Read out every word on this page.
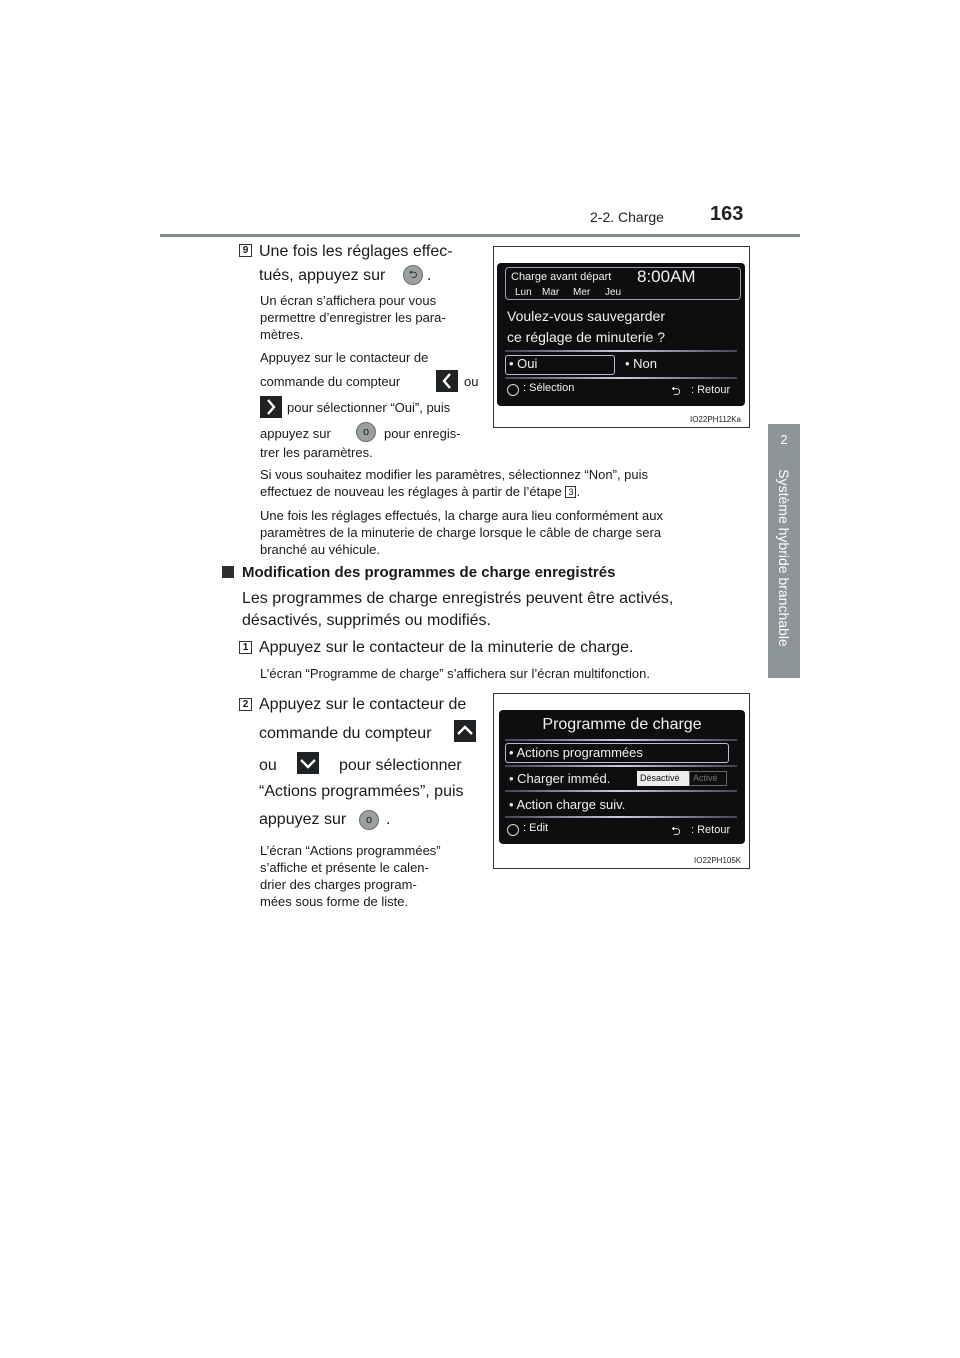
2-2. Charge 163
2
Système hybride branchable
9 Une fois les réglages effec-
tués, appuyez sur	⮌ .
Un écran s’affichera pour vous
permettre d’enregistrer les para-
mètres.
Appuyez sur le contacteur de
commande du compteur	ou
pour sélectionner “Oui”, puis
appuyez sur	o	pour enregis-
trer les paramètres.
Si vous souhaitez modifier les paramètres, sélectionnez “Non”, puis
effectuez de nouveau les réglages à partir de l’étape 3 .
Une fois les réglages effectués, la charge aura lieu conformément aux
paramètres de la minuterie de charge lorsque le câble de charge sera
branché au véhicule.
Charge avant départ 8:00AM
Lun Mar Mer Jeu
Voulez-vous sauvegarder
ce réglage de minuterie ?
• Oui	• Non
: Sélection	⮌ : Retour
IO22PH112Ka
Modification des programmes de charge enregistrés
Les programmes de charge enregistrés peuvent être activés,
désactivés, supprimés ou modifiés.
1 Appuyez sur le contacteur de la minuterie de charge.
L’écran “Programme de charge” s’affichera sur l’écran multifonction.
2 Appuyez sur le contacteur de
commande du compteur
ou	pour sélectionner
“Actions programmées”, puis
appuyez sur	o .
L’écran “Actions programmées”
s’affiche et présente le calen-
drier des charges program-
mées sous forme de liste.
Programme de charge
• Actions programmées
• Charger imméd.	Désactivé Activé
• Action charge suiv.
: Edit	⮌ : Retour
IO22PH105K
